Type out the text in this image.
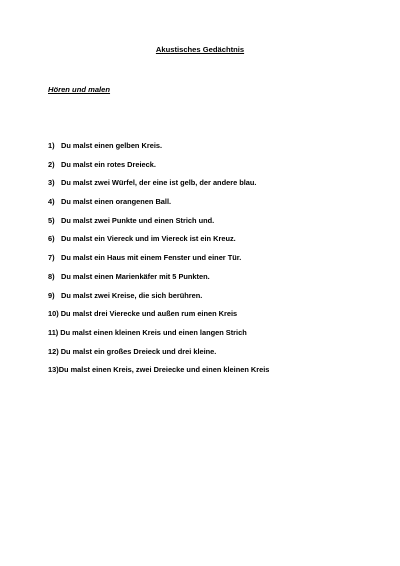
Akustisches Gedächtnis
Hören und malen
1) Du malst einen gelben Kreis.
2) Du malst ein rotes Dreieck.
3) Du malst zwei Würfel, der eine ist gelb, der andere blau.
4) Du malst einen orangenen Ball.
5) Du malst zwei Punkte und einen Strich und.
6) Du malst ein Viereck und im Viereck ist ein Kreuz.
7) Du malst ein Haus mit einem Fenster und einer Tür.
8) Du malst einen Marienkäfer mit 5 Punkten.
9) Du malst zwei Kreise, die sich berühren.
10) Du malst drei Vierecke und außen rum einen Kreis
11) Du malst einen kleinen Kreis und einen langen Strich
12) Du malst ein großes Dreieck und drei kleine.
13) Du malst einen Kreis, zwei Dreiecke und einen kleinen Kreis
